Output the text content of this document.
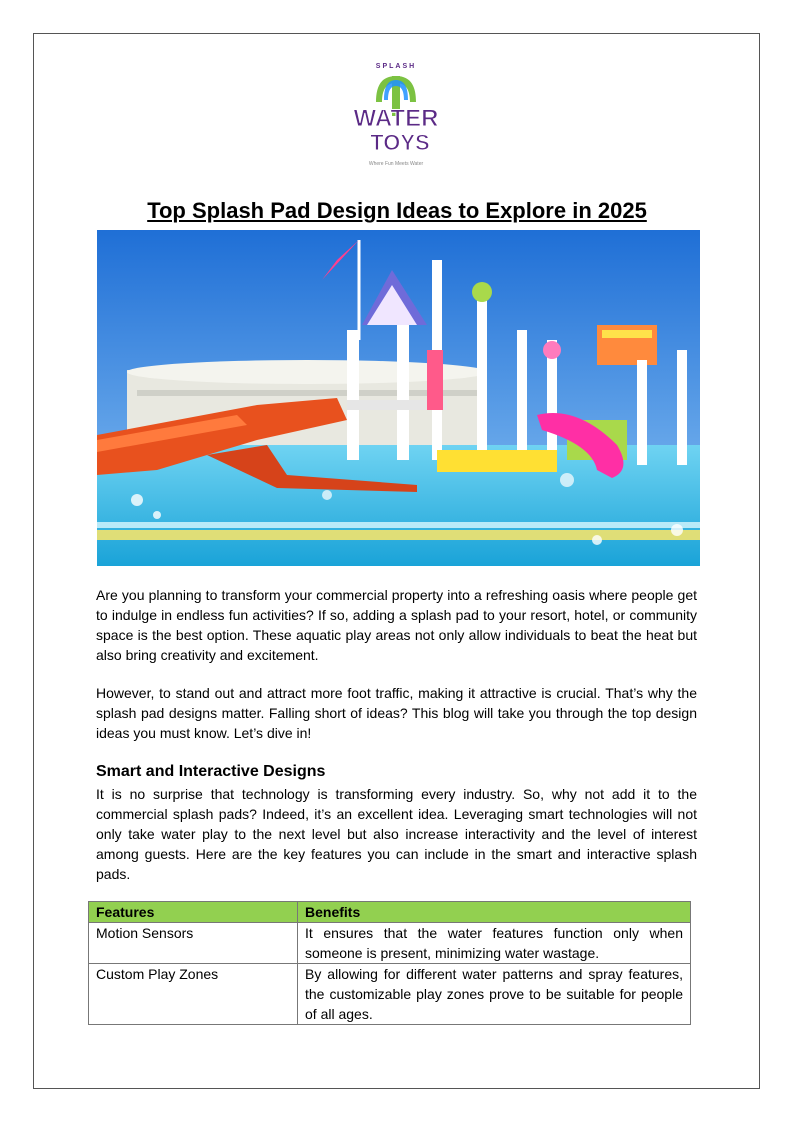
SPLASH
WATER
TOYS
Where Fun Meets Water
Top Splash Pad Design Ideas to Explore in 2025

Are you planning to transform your commercial property into a refreshing oasis where people get to indulge in endless fun activities? If so, adding a splash pad to your resort, hotel, or community space is the best option. These aquatic play areas not only allow individuals to beat the heat but also bring creativity and excitement.

However, to stand out and attract more foot traffic, making it attractive is crucial. That’s why the splash pad designs matter. Falling short of ideas? This blog will take you through the top design ideas you must know. Let’s dive in!

Smart and Interactive Designs

It is no surprise that technology is transforming every industry. So, why not add it to the commercial splash pads? Indeed, it’s an excellent idea. Leveraging smart technologies will not only take water play to the next level but also increase interactivity and the level of interest among guests. Here are the key features you can include in the smart and interactive splash pads.

Features	Benefits
Motion Sensors	It ensures that the water features function only when someone is present, minimizing water wastage.
Custom Play Zones	By allowing for different water patterns and spray features, the customizable play zones prove to be suitable for people of all ages.
